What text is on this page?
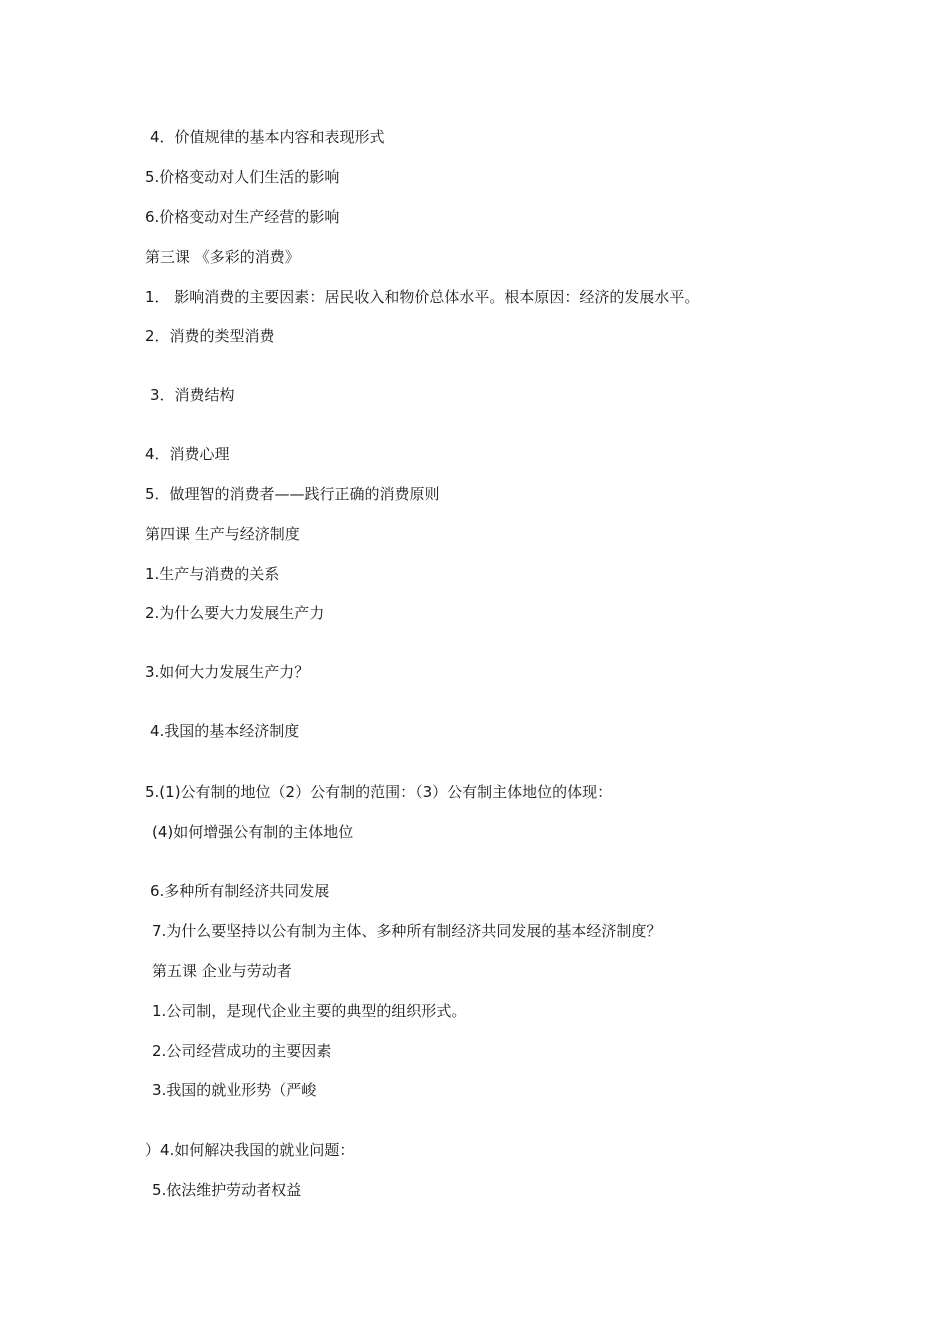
4．价值规律的基本内容和表现形式
5.价格变动对人们生活的影响
6.价格变动对生产经营的影响
第三课 《多彩的消费》
1． 影响消费的主要因素：居民收入和物价总体水平。根本原因：经济的发展水平。
2．消费的类型消费
3．消费结构
4．消费心理
5．做理智的消费者——践行正确的消费原则
第四课 生产与经济制度
1.生产与消费的关系
2.为什么要大力发展生产力
3.如何大力发展生产力？
4.我国的基本经济制度
5.(1)公有制的地位（2）公有制的范围：（3）公有制主体地位的体现：
(4)如何增强公有制的主体地位
6.多种所有制经济共同发展
7.为什么要坚持以公有制为主体、多种所有制经济共同发展的基本经济制度？
第五课 企业与劳动者
1.公司制，是现代企业主要的典型的组织形式。
2.公司经营成功的主要因素
3.我国的就业形势（严峻
）4.如何解决我国的就业问题：
5.依法维护劳动者权益
